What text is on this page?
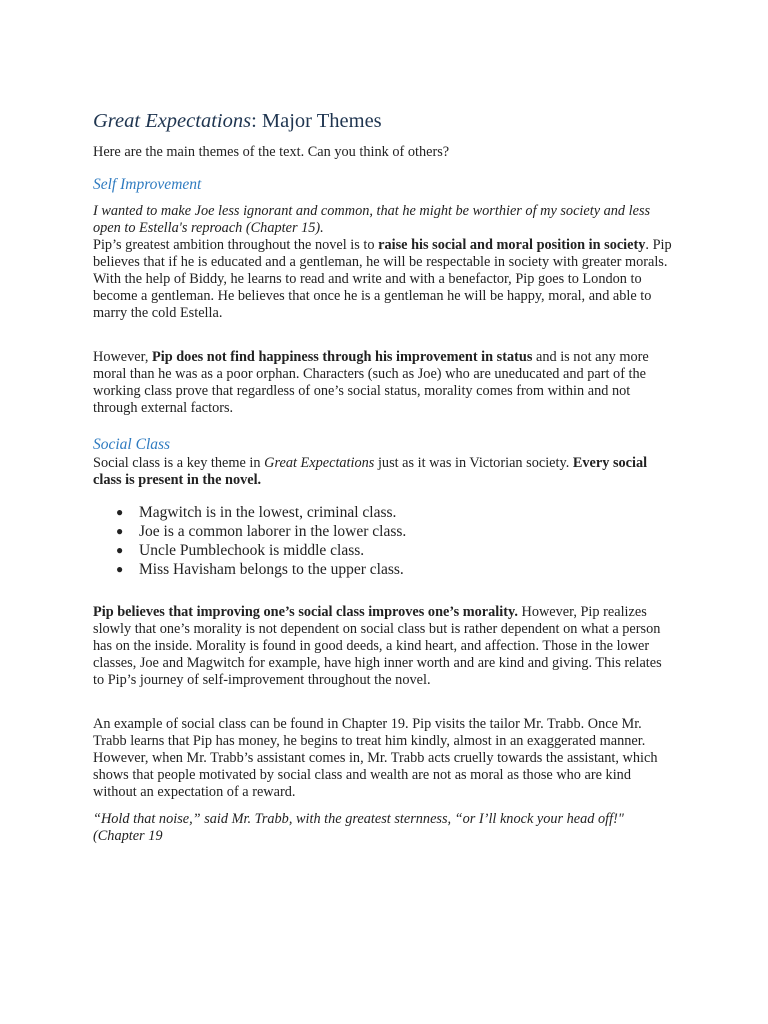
Great Expectations: Major Themes

Here are the main themes of the text. Can you think of others?

Self Improvement

I wanted to make Joe less ignorant and common, that he might be worthier of my society and less open to Estella's reproach (Chapter 15).

Pip’s greatest ambition throughout the novel is to raise his social and moral position in society. Pip believes that if he is educated and a gentleman, he will be respectable in society with greater morals. With the help of Biddy, he learns to read and write and with a benefactor, Pip goes to London to become a gentleman. He believes that once he is a gentleman he will be happy, moral, and able to marry the cold Estella.

However, Pip does not find happiness through his improvement in status and is not any more moral than he was as a poor orphan. Characters (such as Joe) who are uneducated and part of the working class prove that regardless of one’s social status, morality comes from within and not through external factors.

Social Class

Social class is a key theme in Great Expectations just as it was in Victorian society. Every social class is present in the novel.

● Magwitch is in the lowest, criminal class.
● Joe is a common laborer in the lower class.
● Uncle Pumblechook is middle class.
● Miss Havisham belongs to the upper class.

Pip believes that improving one’s social class improves one’s morality. However, Pip realizes slowly that one’s morality is not dependent on social class but is rather dependent on what a person has on the inside. Morality is found in good deeds, a kind heart, and affection. Those in the lower classes, Joe and Magwitch for example, have high inner worth and are kind and giving. This relates to Pip’s journey of self-improvement throughout the novel.

An example of social class can be found in Chapter 19. Pip visits the tailor Mr. Trabb. Once Mr. Trabb learns that Pip has money, he begins to treat him kindly, almost in an exaggerated manner. However, when Mr. Trabb’s assistant comes in, Mr. Trabb acts cruelly towards the assistant, which shows that people motivated by social class and wealth are not as moral as those who are kind without an expectation of a reward.

“Hold that noise,” said Mr. Trabb, with the greatest sternness, “or I’ll knock your head off!" (Chapter 19
